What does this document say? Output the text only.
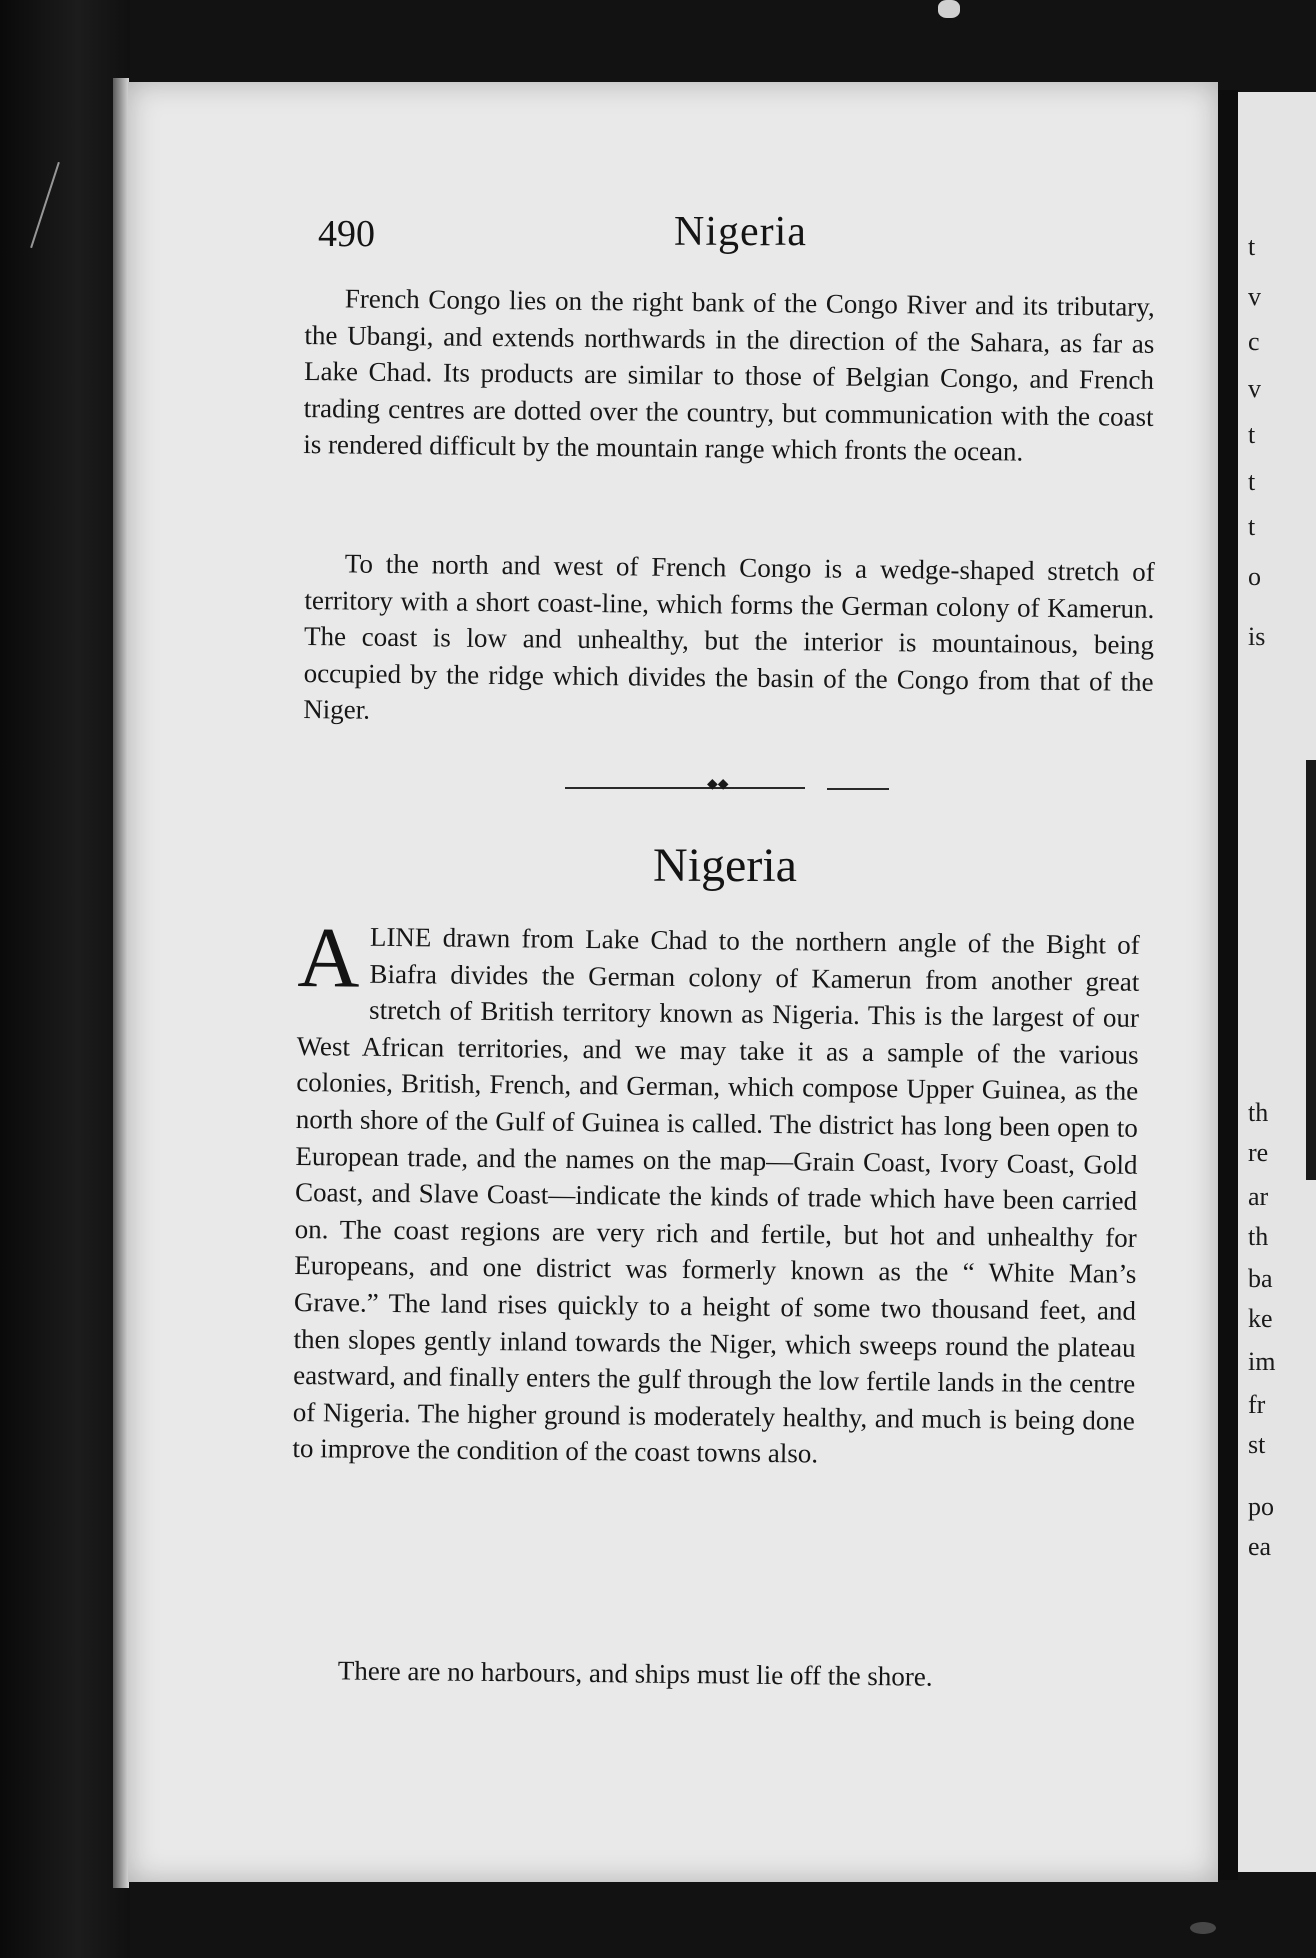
490	Nigeria

French Congo lies on the right bank of the Congo River and its tributary, the Ubangi, and extends northwards in the direction of the Sahara, as far as Lake Chad. Its products are similar to those of Belgian Congo, and French trading centres are dotted over the country, but communication with the coast is rendered difficult by the mountain range which fronts the ocean.

To the north and west of French Congo is a wedge-shaped stretch of territory with a short coast-line, which forms the German colony of Kamerun. The coast is low and unhealthy, but the interior is mountainous, being occupied by the ridge which divides the basin of the Congo from that of the Niger.

◆◆
Nigeria
A LINE drawn from Lake Chad to the northern angle of the Bight of Biafra divides the German colony of Kamerun from another great stretch of British territory known as Nigeria. This is the largest of our West African territories, and we may take it as a sample of the various colonies, British, French, and German, which compose Upper Guinea, as the north shore of the Gulf of Guinea is called. The district has long been open to European trade, and the names on the map—Grain Coast, Ivory Coast, Gold Coast, and Slave Coast—indicate the kinds of trade which have been carried on. The coast regions are very rich and fertile, but hot and unhealthy for Europeans, and one district was formerly known as the “ White Man’s Grave.” The land rises quickly to a height of some two thousand feet, and then slopes gently inland towards the Niger, which sweeps round the plateau eastward, and finally enters the gulf through the low fertile lands in the centre of Nigeria. The higher ground is moderately healthy, and much is being done to improve the condition of the coast towns also.

There are no harbours, and ships must lie off the shore.

t
v
c
v
t
t
t
o
is
th
re
ar
th
ba
ke
im
fr
st
po
ea
